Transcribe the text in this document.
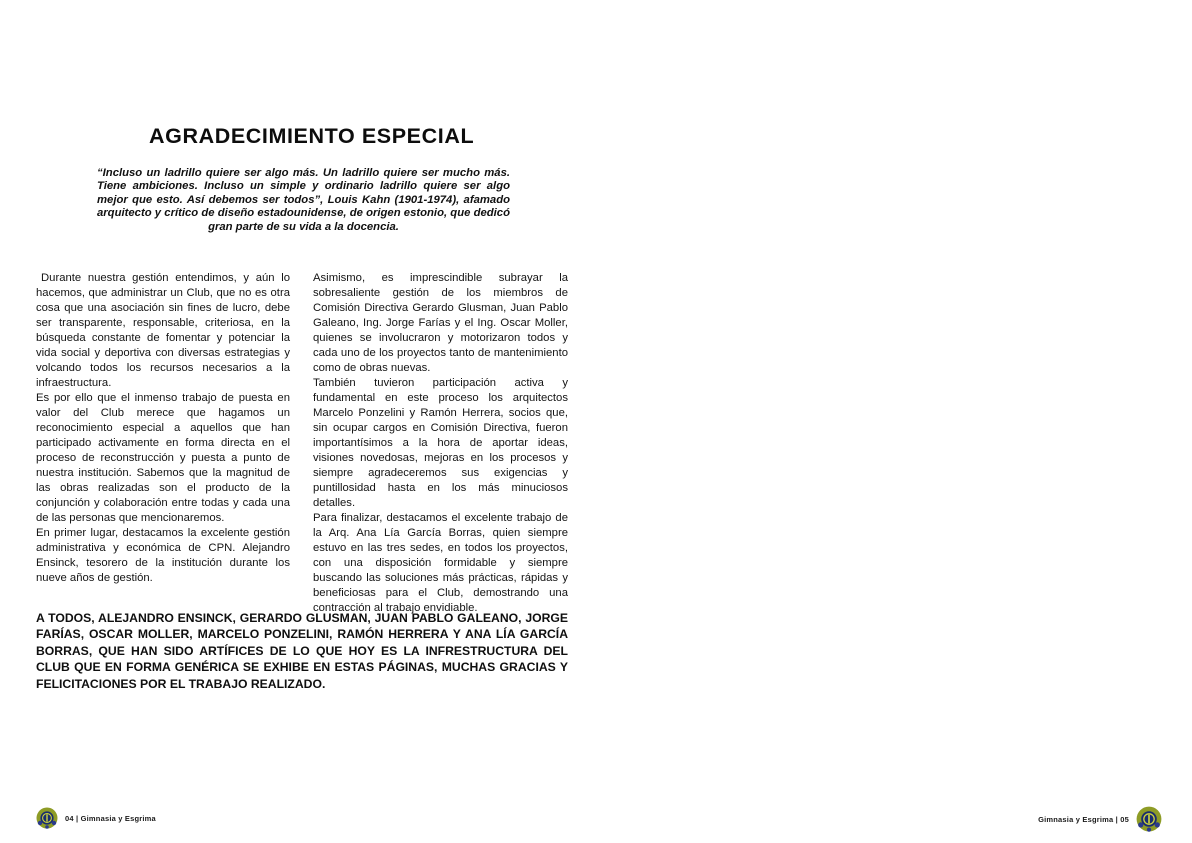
AGRADECIMIENTO ESPECIAL

“Incluso un ladrillo quiere ser algo más. Un ladrillo quiere ser mucho más. Tiene ambiciones. Incluso un simple y ordinario ladrillo quiere ser algo mejor que esto. Así debemos ser todos”, Louis Kahn (1901-1974), afamado arquitecto y crítico de diseño estadounidense, de origen estonio, que dedicó gran parte de su vida a la docencia.

Durante nuestra gestión entendimos, y aún lo hacemos, que administrar un Club, que no es otra cosa que una asociación sin fines de lucro, debe ser transparente, responsable, criteriosa, en la búsqueda constante de fomentar y potenciar la vida social y deportiva con diversas estrategias y volcando todos los recursos necesarios a la infraestructura.

Es por ello que el inmenso trabajo de puesta en valor del Club merece que hagamos un reconocimiento especial a aquellos que han participado activamente en forma directa en el proceso de reconstrucción y puesta a punto de nuestra institución. Sabemos que la magnitud de las obras realizadas son el producto de la conjunción y colaboración entre todas y cada una de las personas que mencionaremos.

En primer lugar, destacamos la excelente gestión administrativa y económica de CPN. Alejandro Ensinck, tesorero de la institución durante los nueve años de gestión.

Asimismo, es imprescindible subrayar la sobresaliente gestión de los miembros de Comisión Directiva Gerardo Glusman, Juan Pablo Galeano, Ing. Jorge Farías y el Ing. Oscar Moller, quienes se involucraron y motorizaron todos y cada uno de los proyectos tanto de mantenimiento como de obras nuevas.

También tuvieron participación activa y fundamental en este proceso los arquitectos Marcelo Ponzelini y Ramón Herrera, socios que, sin ocupar cargos en Comisión Directiva, fueron importantísimos a la hora de aportar ideas, visiones novedosas, mejoras en los procesos y siempre agradeceremos sus exigencias y puntillosidad hasta en los más minuciosos detalles.

Para finalizar, destacamos el excelente trabajo de la Arq. Ana Lía García Borras, quien siempre estuvo en las tres sedes, en todos los proyectos, con una disposición formidable y siempre buscando las soluciones más prácticas, rápidas y beneficiosas para el Club, demostrando una contracción al trabajo envidiable.

A TODOS, ALEJANDRO ENSINCK, GERARDO GLUSMAN, JUAN PABLO GALEANO, JORGE FARÍAS, OSCAR MOLLER, MARCELO PONZELINI, RAMÓN HERRERA Y ANA LÍA GARCÍA BORRAS, QUE HAN SIDO ARTÍFICES DE LO QUE HOY ES LA INFRESTRUCTURA DEL CLUB QUE EN FORMA GENÉRICA SE EXHIBE EN ESTAS PÁGINAS, MUCHAS GRACIAS Y FELICITACIONES POR EL TRABAJO REALIZADO.

04 | Gimnasia y Esgrima	Gimnasia y Esgrima | 05
